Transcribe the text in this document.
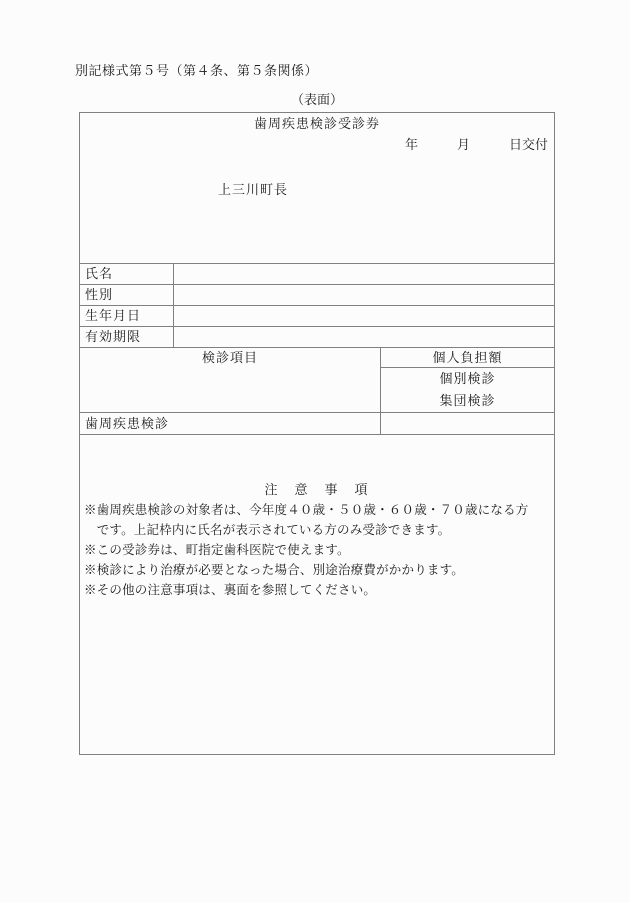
別記様式第５号（第４条、第５条関係）
（表面）
歯周疾患検診受診券
年　　　月　　　日交付
上三川町長
氏名
性別
生年月日
有効期限
検診項目	個人負担額
個別検診
集団検診
歯周疾患検診
注　意　事　項
※歯周疾患検診の対象者は、今年度４０歳・５０歳・６０歳・７０歳になる方
　です。上記枠内に氏名が表示されている方のみ受診できます。
※この受診券は、町指定歯科医院で使えます。
※検診により治療が必要となった場合、別途治療費がかかります。
※その他の注意事項は、裏面を参照してください。
